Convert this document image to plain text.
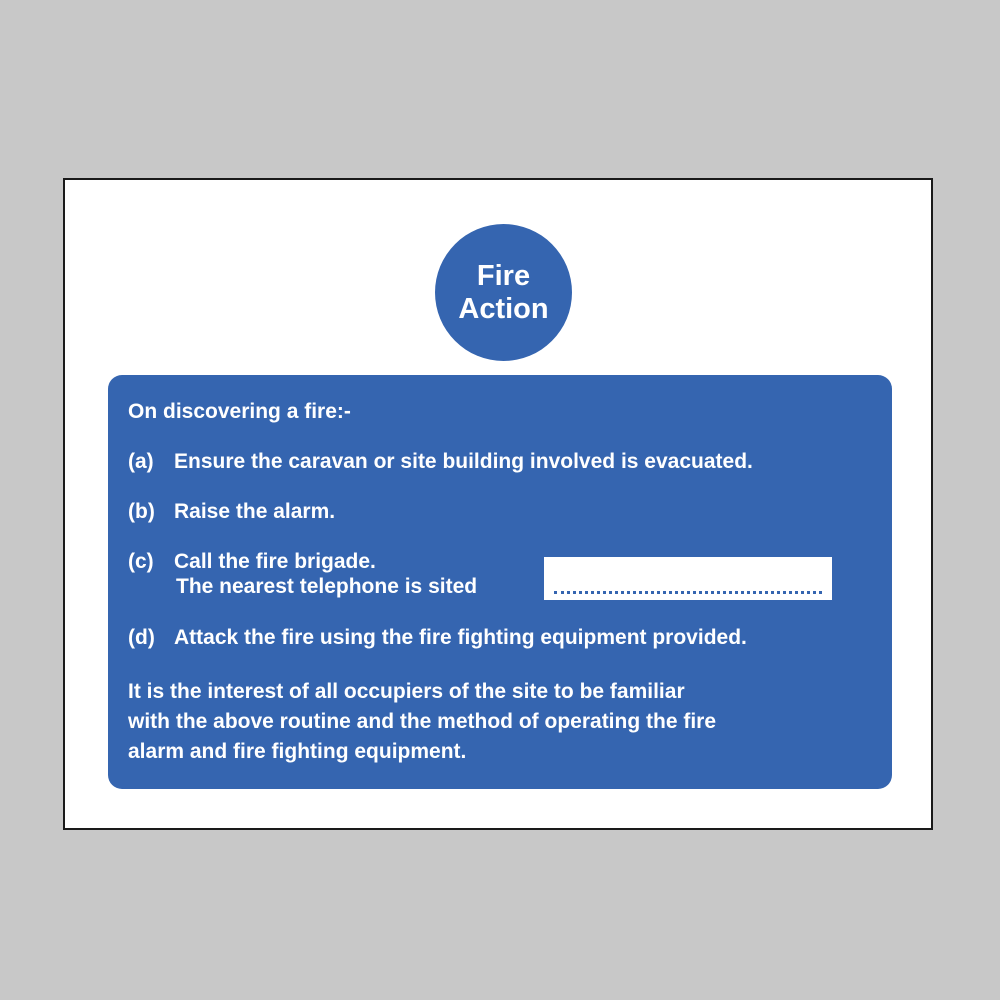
Fire
Action
On discovering a fire:-
(a) Ensure the caravan or site building involved is evacuated.
(b) Raise the alarm.
(c) Call the fire brigade.
The nearest telephone is sited
(d) Attack the fire using the fire fighting equipment provided.
It is the interest of all occupiers of the site to be familiar
with the above routine and the method of operating the fire
alarm and fire fighting equipment.
